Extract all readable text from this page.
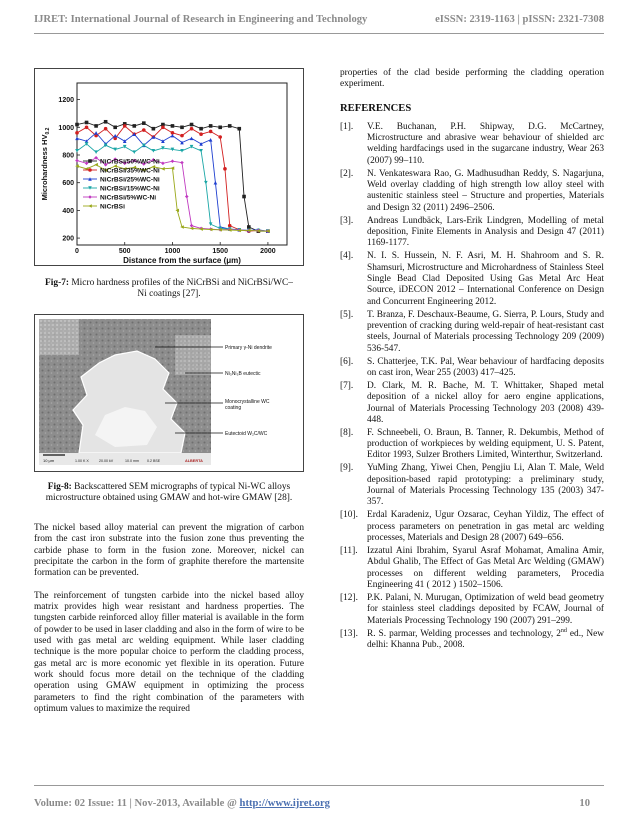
IJRET: International Journal of Research in Engineering and Technology	eISSN: 2319-1163 | pISSN: 2321-7308
200
400
600
800
1000
1200
0	500	1000	1500	2000
Distance from the surface (μm)
Microhardness $HV_{0.2}$
NiCrBSi/50%WC-Ni
NiCrBSi/35%WC-Ni
NiCrBSi/25%WC-Ni
NiCrBSi/15%WC-Ni
NiCrBSi/5%WC-Ni
NiCrBSi
Fig-7: Micro hardness profiles of the NiCrBSi and NiCrBSi/WC–Ni coatings [27].
10 μm	1.00 K X	20.00 kV	10.0 mm 0.2 BSE	ALBERTA
Primary γ-Ni dendrite
Ni₃Ni₃B eutectic
Monocrystalline WC coating
Eutectoid W₂C/WC
Fig-8: Backscattered SEM micrographs of typical Ni-WC alloys microstructure obtained using GMAW and hot-wire GMAW [28].

The nickel based alloy material can prevent the migration of carbon from the cast iron substrate into the fusion zone thus preventing the carbide phase to form in the fusion zone. Moreover, nickel can precipitate the carbon in the form of graphite therefore the martensite formation can be prevented.

The reinforcement of tungsten carbide into the nickel based alloy matrix provides high wear resistant and hardness properties. The tungsten carbide reinforced alloy filler material is available in the form of powder to be used in laser cladding and also in the form of wire to be used with gas metal arc welding equipment. While laser cladding technique is the more popular choice to perform the cladding process, gas metal arc is more economic yet flexible in its operation. Future work should focus more detail on the technique of the cladding operation using GMAW equipment in optimizing the process parameters to find the right combination of the parameters with optimum values to maximize the required

properties of the clad beside performing the cladding operation experiment.

REFERENCES
[1].	V.E. Buchanan, P.H. Shipway, D.G. McCartney, Microstructure and abrasive wear behaviour of shielded arc welding hardfacings used in the sugarcane industry, Wear 263 (2007) 99–110.
[2].	N. Venkateswara Rao, G. Madhusudhan Reddy, S. Nagarjuna, Weld overlay cladding of high strength low alloy steel with austenitic stainless steel – Structure and properties, Materials and Design 32 (2011) 2496–2506.
[3].	Andreas Lundbäck, Lars-Erik Lindgren, Modelling of metal deposition, Finite Elements in Analysis and Design 47 (2011) 1169-1177.
[4].	N. I. S. Hussein, N. F. Asri, M. H. Shahroom and S. R. Shamsuri, Microstructure and Microhardness of Stainless Steel Single Bead Clad Deposited Using Gas Metal Arc Heat Source, iDECON 2012 – International Conference on Design and Concurrent Engineering 2012.
[5].	T. Branza, F. Deschaux-Beaume, G. Sierra, P. Lours, Study and prevention of cracking during weld-repair of heat-resistant cast steels, Journal of Materials processing Technology 209 (2009) 536-547.
[6].	S. Chatterjee, T.K. Pal, Wear behaviour of hardfacing deposits on cast iron, Wear 255 (2003) 417–425.
[7].	D. Clark, M. R. Bache, M. T. Whittaker, Shaped metal deposition of a nickel alloy for aero engine applications, Journal of Materials Processing Technology 203 (2008) 439-448.
[8].	F. Schneebeli, O. Braun, B. Tanner, R. Dekumbis, Method of production of workpieces by welding equipment, U. S. Patent, Editor 1993, Sulzer Brothers Limited, Winterthur, Switzerland.
[9].	YuMing Zhang, Yiwei Chen, Pengjiu Li, Alan T. Male, Weld deposition-based rapid prototyping: a preliminary study, Journal of Materials Processing Technology 135 (2003) 347-357.
[10]. Erdal Karadeniz, Ugur Ozsarac, Ceyhan Yildiz, The effect of process parameters on penetration in gas metal arc welding processes, Materials and Design 28 (2007) 649–656.
[11].	Izzatul Aini Ibrahim, Syarul Asraf Mohamat, Amalina Amir, Abdul Ghalib, The Effect of Gas Metal Arc Welding (GMAW) processes on different welding parameters, Procedia Engineering 41 ( 2012 ) 1502–1506.
[12]. P.K. Palani, N. Murugan, Optimization of weld bead geometry for stainless steel claddings deposited by FCAW, Journal of Materials Processing Technology 190 (2007) 291–299.
[13]. R. S. parmar, Welding processes and technology, 2nd ed., New delhi: Khanna Pub., 2008.
Volume: 02 Issue: 11 | Nov-2013, Available @ http://www.ijret.org	10
